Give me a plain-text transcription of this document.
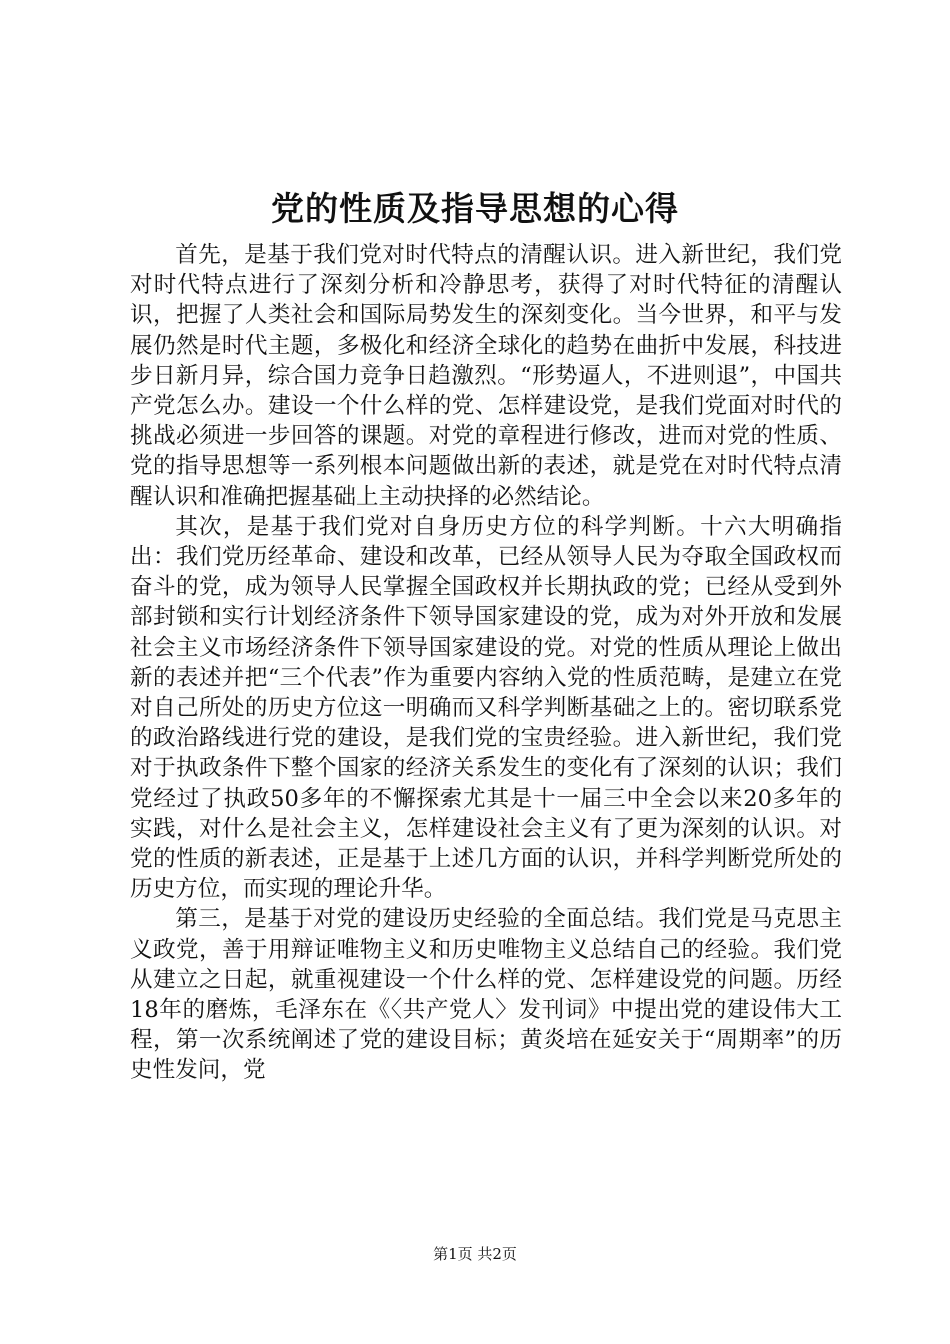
党的性质及指导思想的心得

首先，是基于我们党对时代特点的清醒认识。进入新世纪，我们党对时代特点进行了深刻分析和冷静思考，获得了对时代特征的清醒认识，把握了人类社会和国际局势发生的深刻变化。当今世界，和平与发展仍然是时代主题，多极化和经济全球化的趋势在曲折中发展，科技进步日新月异，综合国力竞争日趋激烈。“形势逼人，不进则退”，中国共产党怎么办。建设一个什么样的党、怎样建设党，是我们党面对时代的挑战必须进一步回答的课题。对党的章程进行修改，进而对党的性质、党的指导思想等一系列根本问题做出新的表述，就是党在对时代特点清醒认识和准确把握基础上主动抉择的必然结论。

其次，是基于我们党对自身历史方位的科学判断。十六大明确指出：我们党历经革命、建设和改革，已经从领导人民为夺取全国政权而奋斗的党，成为领导人民掌握全国政权并长期执政的党；已经从受到外部封锁和实行计划经济条件下领导国家建设的党，成为对外开放和发展社会主义市场经济条件下领导国家建设的党。对党的性质从理论上做出新的表述并把“三个代表”作为重要内容纳入党的性质范畴，是建立在党对自己所处的历史方位这一明确而又科学判断基础之上的。密切联系党的政治路线进行党的建设，是我们党的宝贵经验。进入新世纪，我们党对于执政条件下整个国家的经济关系发生的变化有了深刻的认识；我们党经过了执政50多年的不懈探索尤其是十一届三中全会以来20多年的实践，对什么是社会主义，怎样建设社会主义有了更为深刻的认识。对党的性质的新表述，正是基于上述几方面的认识，并科学判断党所处的历史方位，而实现的理论升华。

第三，是基于对党的建设历史经验的全面总结。我们党是马克思主义政党，善于用辩证唯物主义和历史唯物主义总结自己的经验。我们党从建立之日起，就重视建设一个什么样的党、怎样建设党的问题。历经18年的磨炼，毛泽东在《〈共产党人〉发刊词》中提出党的建设伟大工程，第一次系统阐述了党的建设目标；黄炎培在延安关于“周期率”的历史性发问，党

第1页 共2页
